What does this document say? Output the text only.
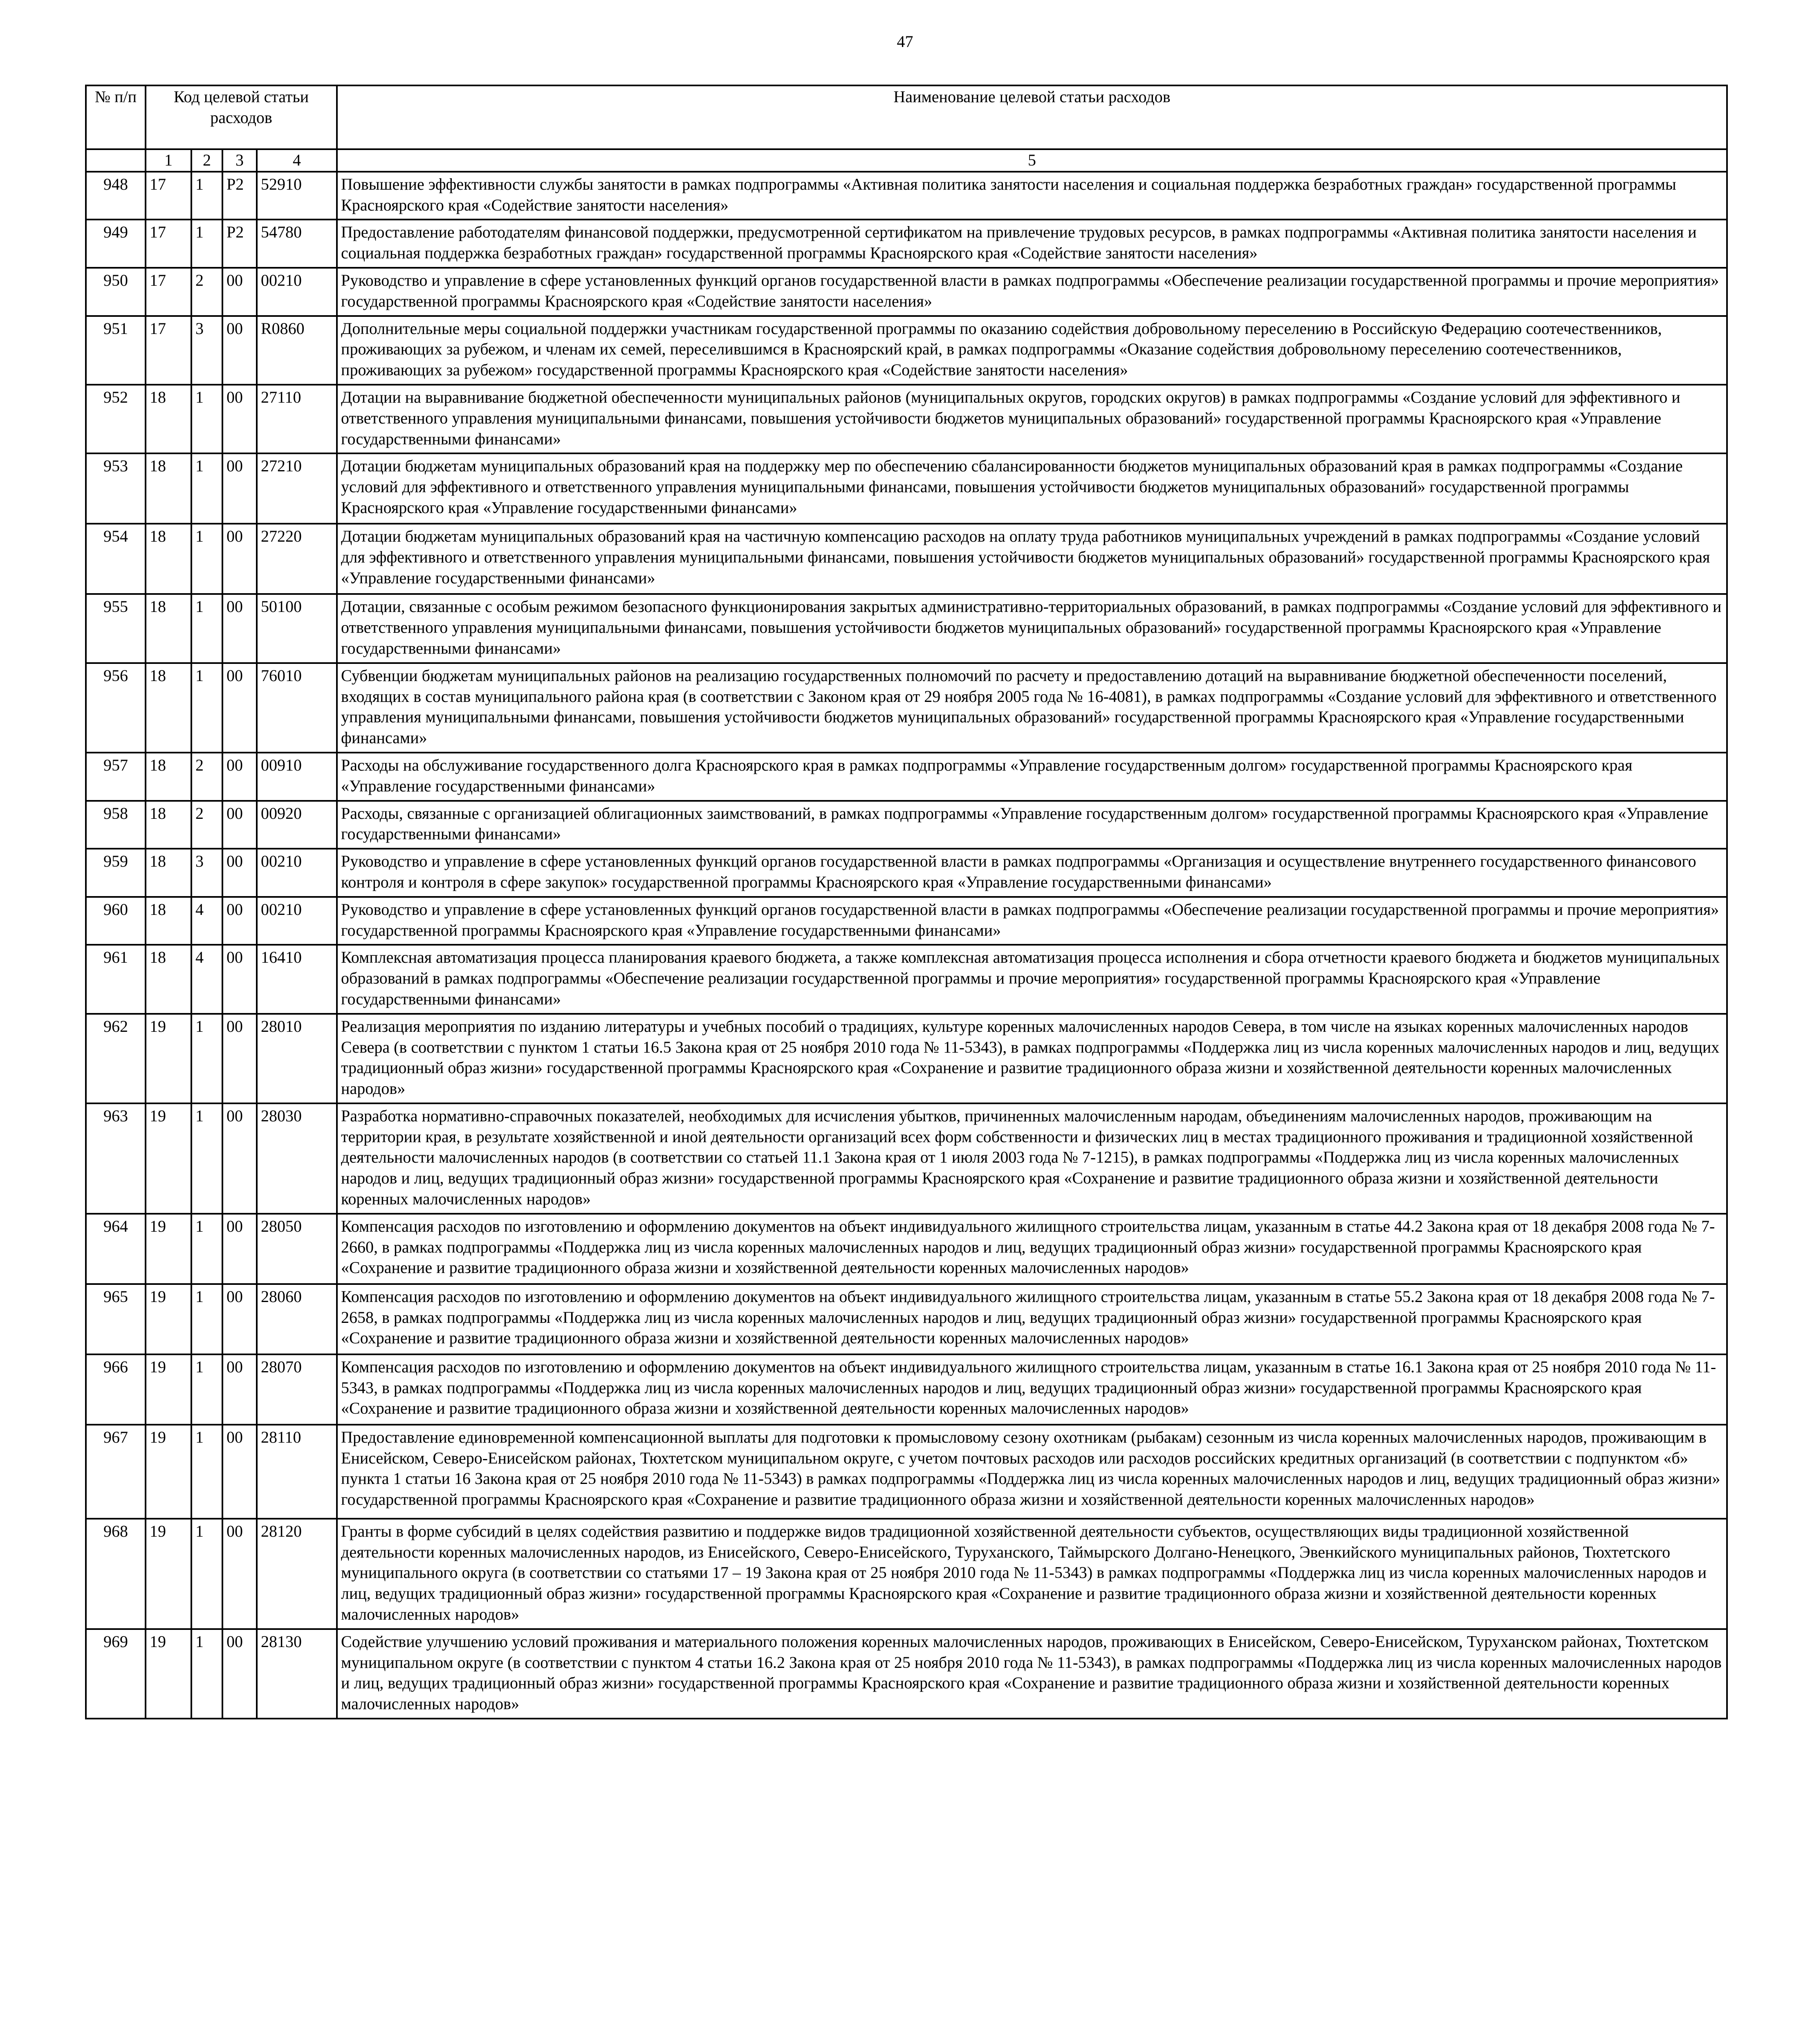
47
№ п/п	Код целевой статьи расходов				Наименование целевой статьи расходов
	1	2	3	4	5
948	17	1	P2	52910	Повышение эффективности службы занятости в рамках подпрограммы «Активная политика занятости населения и социальная поддержка безработных граждан» государственной программы Красноярского края «Содействие занятости населения»
949	17	1	P2	54780	Предоставление работодателям финансовой поддержки, предусмотренной сертификатом на привлечение трудовых ресурсов, в рамках подпрограммы «Активная политика занятости населения и социальная поддержка безработных граждан» государственной программы Красноярского края «Содействие занятости населения»
950	17	2	00	00210	Руководство и управление в сфере установленных функций органов государственной власти в рамках подпрограммы «Обеспечение реализации государственной программы и прочие мероприятия» государственной программы Красноярского края «Содействие занятости населения»
951	17	3	00	R0860	Дополнительные меры социальной поддержки участникам государственной программы по оказанию содействия добровольному переселению в Российскую Федерацию соотечественников, проживающих за рубежом, и членам их семей, переселившимся в Красноярский край, в рамках подпрограммы «Оказание содействия добровольному переселению соотечественников, проживающих за рубежом» государственной программы Красноярского края «Содействие занятости населения»
952	18	1	00	27110	Дотации на выравнивание бюджетной обеспеченности муниципальных районов (муниципальных округов, городских округов) в рамках подпрограммы «Создание условий для эффективного и ответственного управления муниципальными финансами, повышения устойчивости бюджетов муниципальных образований» государственной программы Красноярского края «Управление государственными финансами»
953	18	1	00	27210	Дотации бюджетам муниципальных образований края на поддержку мер по обеспечению сбалансированности бюджетов муниципальных образований края в рамках подпрограммы «Создание условий для эффективного и ответственного управления муниципальными финансами, повышения устойчивости бюджетов муниципальных образований» государственной программы Красноярского края «Управление государственными финансами»
954	18	1	00	27220	Дотации бюджетам муниципальных образований края на частичную компенсацию расходов на оплату труда работников муниципальных учреждений в рамках подпрограммы «Создание условий для эффективного и ответственного управления муниципальными финансами, повышения устойчивости бюджетов муниципальных образований» государственной программы Красноярского края «Управление государственными финансами»
955	18	1	00	50100	Дотации, связанные с особым режимом безопасного функционирования закрытых административно-территориальных образований, в рамках подпрограммы «Создание условий для эффективного и ответственного управления муниципальными финансами, повышения устойчивости бюджетов муниципальных образований» государственной программы Красноярского края «Управление государственными финансами»
956	18	1	00	76010	Субвенции бюджетам муниципальных районов на реализацию государственных полномочий по расчету и предоставлению дотаций на выравнивание бюджетной обеспеченности поселений, входящих в состав муниципального района края (в соответствии с Законом края от 29 ноября 2005 года № 16-4081), в рамках подпрограммы «Создание условий для эффективного и ответственного управления муниципальными финансами, повышения устойчивости бюджетов муниципальных образований» государственной программы Красноярского края «Управление государственными финансами»
957	18	2	00	00910	Расходы на обслуживание государственного долга Красноярского края в рамках подпрограммы «Управление государственным долгом» государственной программы Красноярского края «Управление государственными финансами»
958	18	2	00	00920	Расходы, связанные с организацией облигационных заимствований, в рамках подпрограммы «Управление государственным долгом» государственной программы Красноярского края «Управление государственными финансами»
959	18	3	00	00210	Руководство и управление в сфере установленных функций органов государственной власти в рамках подпрограммы «Организация и осуществление внутреннего государственного финансового контроля и контроля в сфере закупок» государственной программы Красноярского края «Управление государственными финансами»
960	18	4	00	00210	Руководство и управление в сфере установленных функций органов государственной власти в рамках подпрограммы «Обеспечение реализации государственной программы и прочие мероприятия» государственной программы Красноярского края «Управление государственными финансами»
961	18	4	00	16410	Комплексная автоматизация процесса планирования краевого бюджета, а также комплексная автоматизация процесса исполнения и сбора отчетности краевого бюджета и бюджетов муниципальных образований в рамках подпрограммы «Обеспечение реализации государственной программы и прочие мероприятия» государственной программы Красноярского края «Управление государственными финансами»
962	19	1	00	28010	Реализация мероприятия по изданию литературы и учебных пособий о традициях, культуре коренных малочисленных народов Севера, в том числе на языках коренных малочисленных народов Севера (в соответствии с пунктом 1 статьи 16.5 Закона края от 25 ноября 2010 года № 11-5343), в рамках подпрограммы «Поддержка лиц из числа коренных малочисленных народов и лиц, ведущих традиционный образ жизни» государственной программы Красноярского края «Сохранение и развитие традиционного образа жизни и хозяйственной деятельности коренных малочисленных народов»
963	19	1	00	28030	Разработка нормативно-справочных показателей, необходимых для исчисления убытков, причиненных малочисленным народам, объединениям малочисленных народов, проживающим на территории края, в результате хозяйственной и иной деятельности организаций всех форм собственности и физических лиц в местах традиционного проживания и традиционной хозяйственной деятельности малочисленных народов (в соответствии со статьей 11.1 Закона края от 1 июля 2003 года № 7-1215), в рамках подпрограммы «Поддержка лиц из числа коренных малочисленных народов и лиц, ведущих традиционный образ жизни» государственной программы Красноярского края «Сохранение и развитие традиционного образа жизни и хозяйственной деятельности коренных малочисленных народов»
964	19	1	00	28050	Компенсация расходов по изготовлению и оформлению документов на объект индивидуального жилищного строительства лицам, указанным в статье 44.2 Закона края от 18 декабря 2008 года № 7-2660, в рамках подпрограммы «Поддержка лиц из числа коренных малочисленных народов и лиц, ведущих традиционный образ жизни» государственной программы Красноярского края «Сохранение и развитие традиционного образа жизни и хозяйственной деятельности коренных малочисленных народов»
965	19	1	00	28060	Компенсация расходов по изготовлению и оформлению документов на объект индивидуального жилищного строительства лицам, указанным в статье 55.2 Закона края от 18 декабря 2008 года № 7-2658, в рамках подпрограммы «Поддержка лиц из числа коренных малочисленных народов и лиц, ведущих традиционный образ жизни» государственной программы Красноярского края «Сохранение и развитие традиционного образа жизни и хозяйственной деятельности коренных малочисленных народов»
966	19	1	00	28070	Компенсация расходов по изготовлению и оформлению документов на объект индивидуального жилищного строительства лицам, указанным в статье 16.1 Закона края от 25 ноября 2010 года № 11-5343, в рамках подпрограммы «Поддержка лиц из числа коренных малочисленных народов и лиц, ведущих традиционный образ жизни» государственной программы Красноярского края «Сохранение и развитие традиционного образа жизни и хозяйственной деятельности коренных малочисленных народов»
967	19	1	00	28110	Предоставление единовременной компенсационной выплаты для подготовки к промысловому сезону охотникам (рыбакам) сезонным из числа коренных малочисленных народов, проживающим в Енисейском, Северо-Енисейском районах, Тюхтетском муниципальном округе, с учетом почтовых расходов или расходов российских кредитных организаций (в соответствии с подпунктом «б» пункта 1 статьи 16 Закона края от 25 ноября 2010 года № 11-5343) в рамках подпрограммы «Поддержка лиц из числа коренных малочисленных народов и лиц, ведущих традиционный образ жизни» государственной программы Красноярского края «Сохранение и развитие традиционного образа жизни и хозяйственной деятельности коренных малочисленных народов»
968	19	1	00	28120	Гранты в форме субсидий в целях содействия развитию и поддержке видов традиционной хозяйственной деятельности субъектов, осуществляющих виды традиционной хозяйственной деятельности коренных малочисленных народов, из Енисейского, Северо-Енисейского, Туруханского, Таймырского Долгано-Ненецкого, Эвенкийского муниципальных районов, Тюхтетского муниципального округа (в соответствии со статьями 17 – 19 Закона края от 25 ноября 2010 года № 11-5343) в рамках подпрограммы «Поддержка лиц из числа коренных малочисленных народов и лиц, ведущих традиционный образ жизни» государственной программы Красноярского края «Сохранение и развитие традиционного образа жизни и хозяйственной деятельности коренных малочисленных народов»
969	19	1	00	28130	Содействие улучшению условий проживания и материального положения коренных малочисленных народов, проживающих в Енисейском, Северо-Енисейском, Туруханском районах, Тюхтетском муниципальном округе (в соответствии с пунктом 4 статьи 16.2 Закона края от 25 ноября 2010 года № 11-5343), в рамках подпрограммы «Поддержка лиц из числа коренных малочисленных народов и лиц, ведущих традиционный образ жизни» государственной программы Красноярского края «Сохранение и развитие традиционного образа жизни и хозяйственной деятельности коренных малочисленных народов»
